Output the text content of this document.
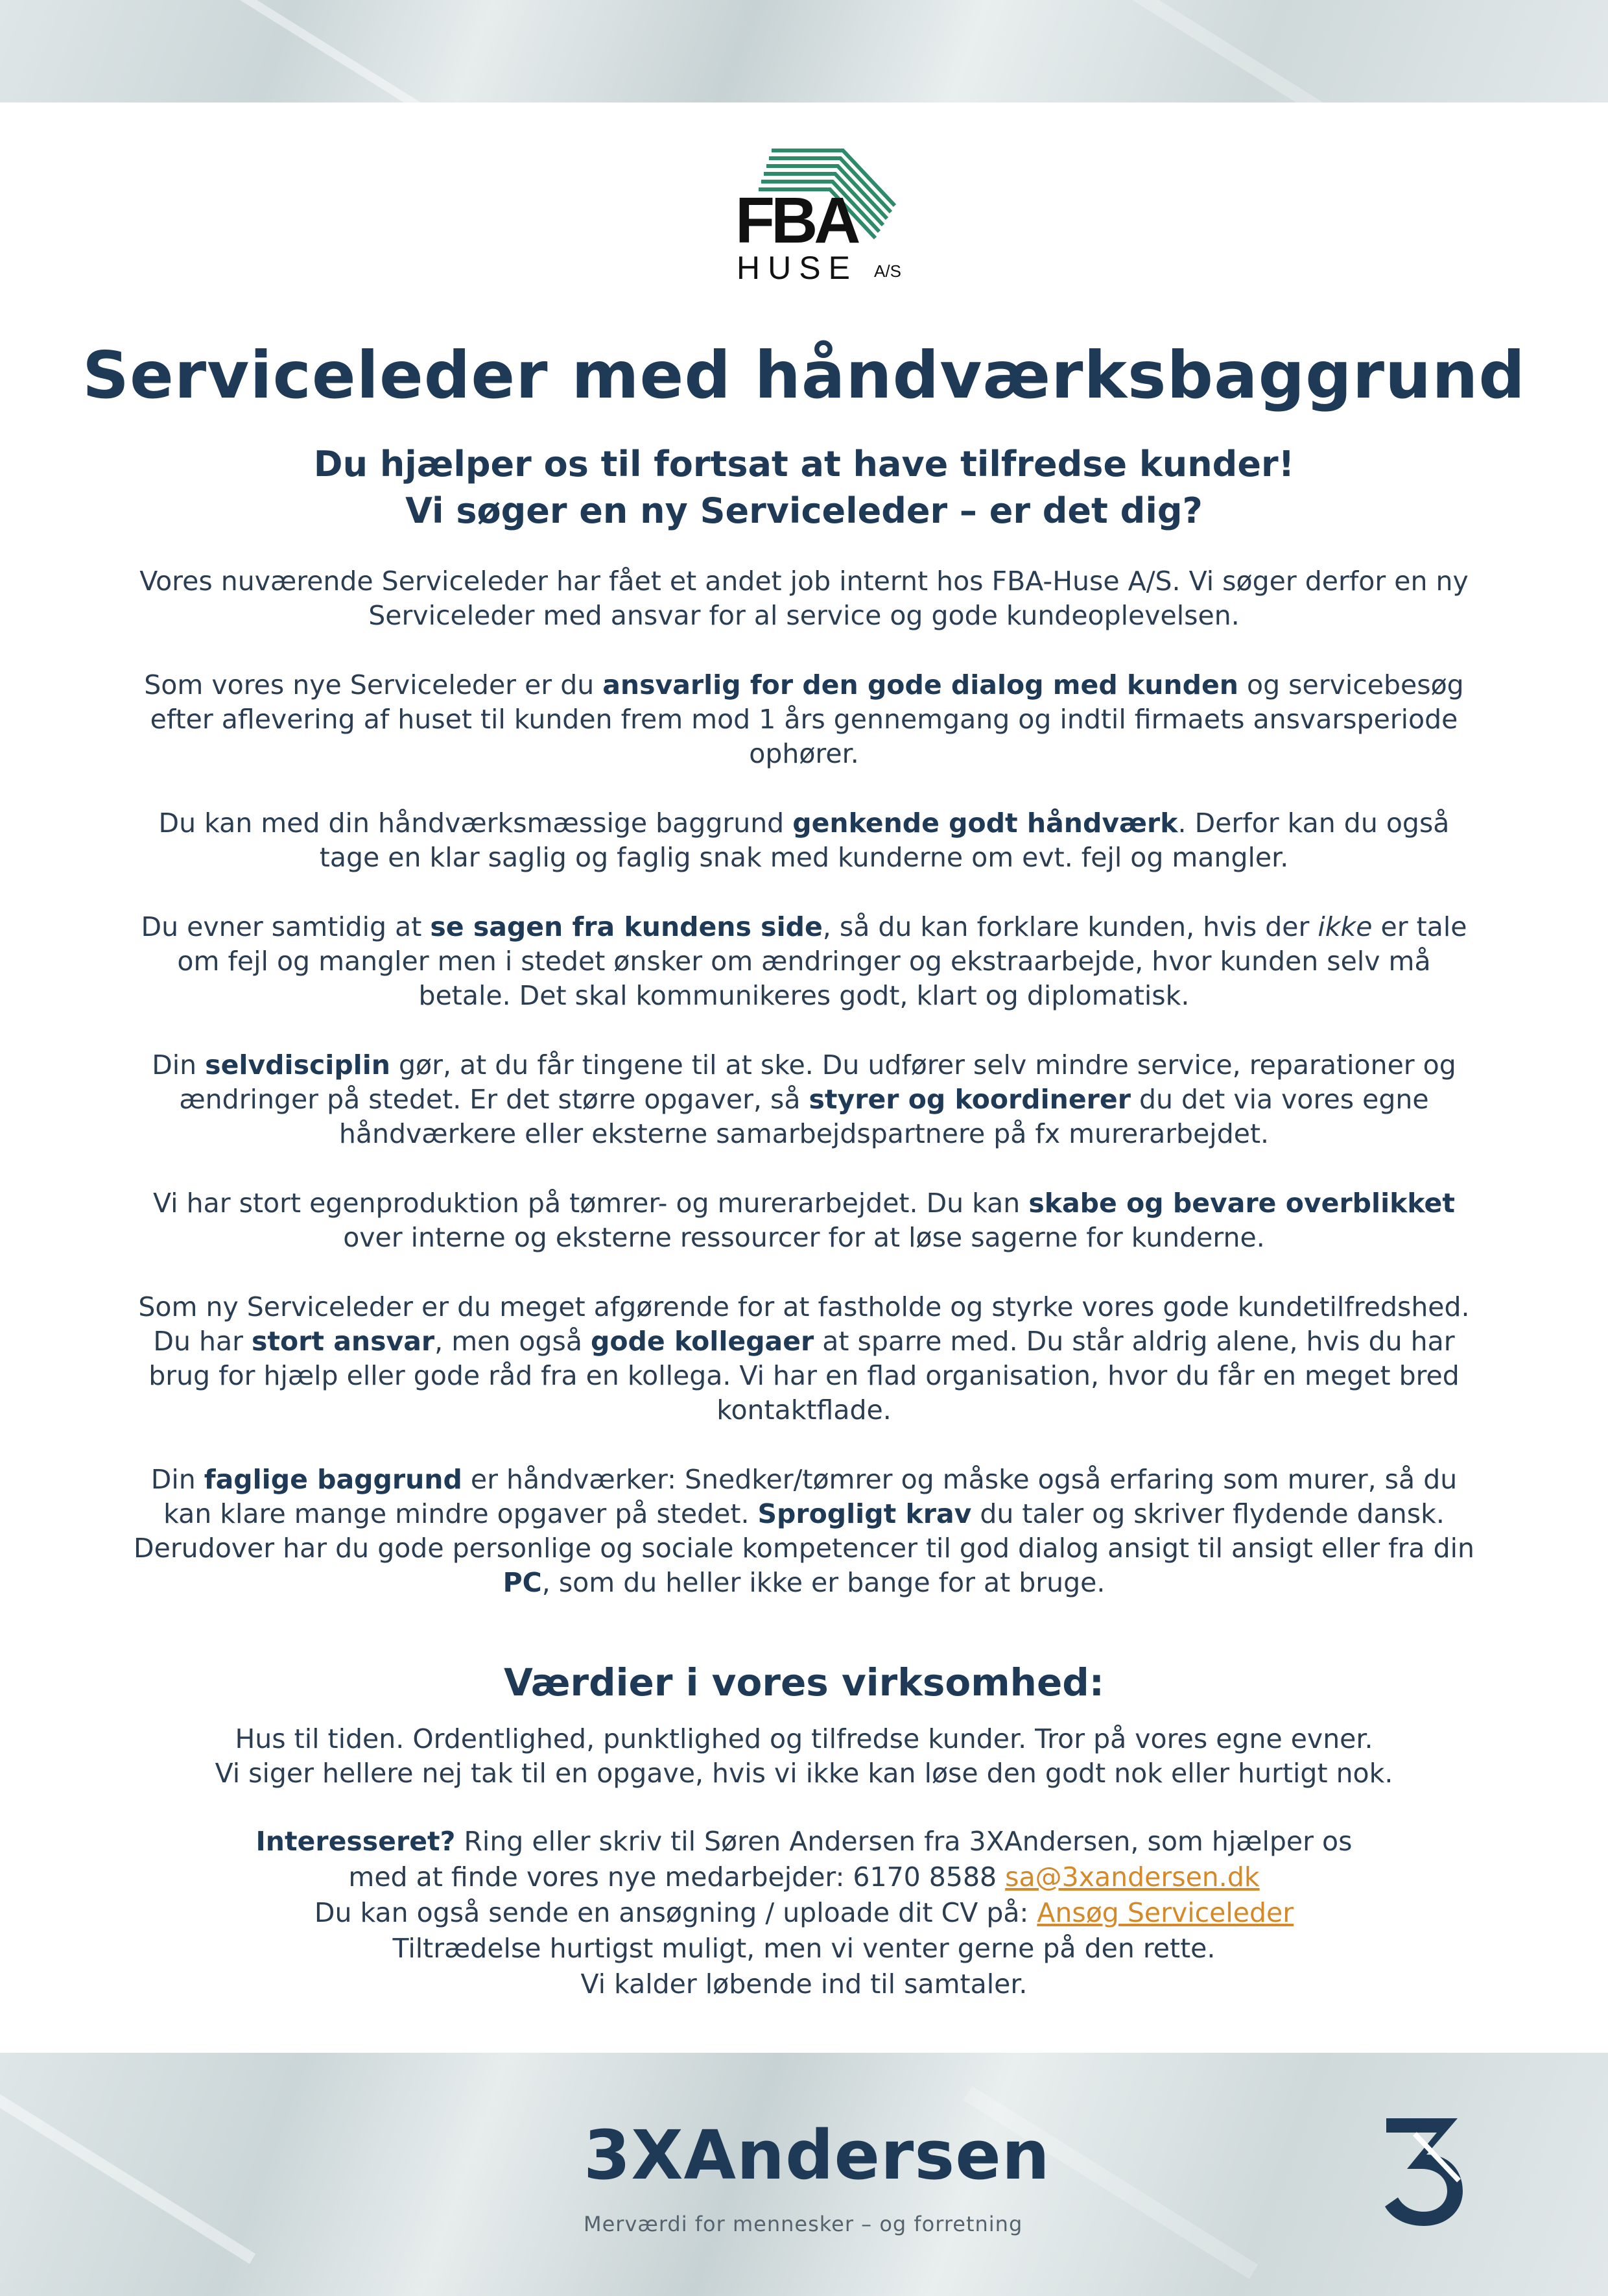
FBA
HUSE A/S
Serviceleder med håndværksbaggrund
Du hjælper os til fortsat at have tilfredse kunder!
Vi søger en ny Serviceleder – er det dig?

Vores nuværende Serviceleder har fået et andet job internt hos FBA-Huse A/S. Vi søger derfor en ny Serviceleder med ansvar for al service og gode kundeoplevelsen.

Som vores nye Serviceleder er du ansvarlig for den gode dialog med kunden og servicebesøg efter aflevering af huset til kunden frem mod 1 års gennemgang og indtil firmaets ansvarsperiode ophører.

Du kan med din håndværksmæssige baggrund genkende godt håndværk. Derfor kan du også tage en klar saglig og faglig snak med kunderne om evt. fejl og mangler.

Du evner samtidig at se sagen fra kundens side, så du kan forklare kunden, hvis der ikke er tale om fejl og mangler men i stedet ønsker om ændringer og ekstraarbejde, hvor kunden selv må betale. Det skal kommunikeres godt, klart og diplomatisk.

Din selvdisciplin gør, at du får tingene til at ske. Du udfører selv mindre service, reparationer og ændringer på stedet. Er det større opgaver, så styrer og koordinerer du det via vores egne håndværkere eller eksterne samarbejdspartnere på fx murerarbejdet.

Vi har stort egenproduktion på tømrer- og murerarbejdet. Du kan skabe og bevare overblikket over interne og eksterne ressourcer for at løse sagerne for kunderne.

Som ny Serviceleder er du meget afgørende for at fastholde og styrke vores gode kundetilfredshed. Du har stort ansvar, men også gode kollegaer at sparre med. Du står aldrig alene, hvis du har brug for hjælp eller gode råd fra en kollega. Vi har en flad organisation, hvor du får en meget bred kontaktflade.

Din faglige baggrund er håndværker: Snedker/tømrer og måske også erfaring som murer, så du kan klare mange mindre opgaver på stedet. Sprogligt krav du taler og skriver flydende dansk. Derudover har du gode personlige og sociale kompetencer til god dialog ansigt til ansigt eller fra din PC, som du heller ikke er bange for at bruge.

Værdier i vores virksomhed:
Hus til tiden. Ordentlighed, punktlighed og tilfredse kunder. Tror på vores egne evner.
Vi siger hellere nej tak til en opgave, hvis vi ikke kan løse den godt nok eller hurtigt nok.
Interesseret? Ring eller skriv til Søren Andersen fra 3XAndersen, som hjælper os
med at finde vores nye medarbejder: 6170 8588 sa@3xandersen.dk
Du kan også sende en ansøgning / uploade dit CV på: Ansøg Serviceleder
Tiltrædelse hurtigst muligt, men vi venter gerne på den rette.
Vi kalder løbende ind til samtaler.
3XAndersen
Merværdi for mennesker – og forretning
